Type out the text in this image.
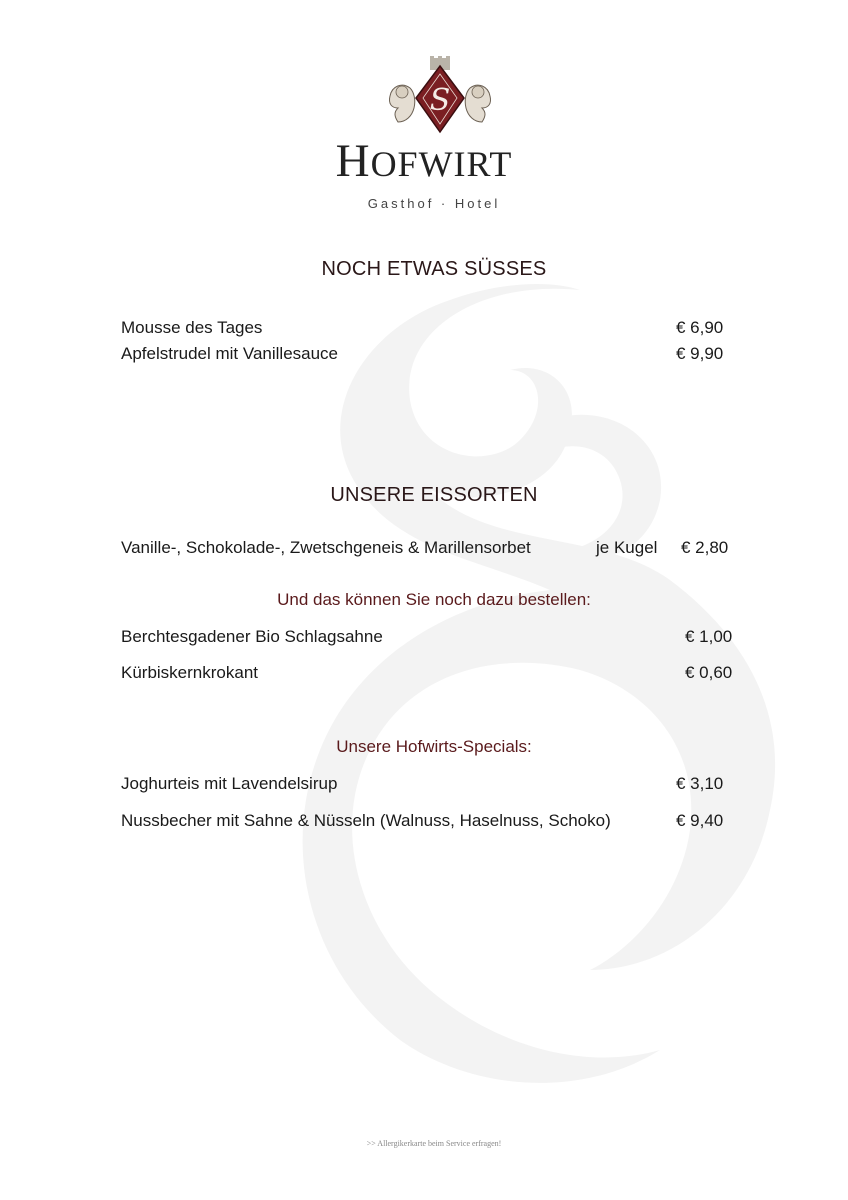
S
HOFWIRT
Gasthof · Hotel
NOCH ETWAS SÜSSES
Mousse des Tages	€ 6,90
Apfelstrudel mit Vanillesauce	€ 9,90
UNSERE EISSORTEN
Vanille-, Schokolade-, Zwetschgeneis & Marillensorbet	je Kugel € 2,80
Und das können Sie noch dazu bestellen:
Berchtesgadener Bio Schlagsahne	€ 1,00
Kürbiskernkrokant	€ 0,60
Unsere Hofwirts-Specials:
Joghurteis mit Lavendelsirup	€ 3,10
Nussbecher mit Sahne & Nüsseln (Walnuss, Haselnuss, Schoko)	€ 9,40
>> Allergikerkarte beim Service erfragen!
